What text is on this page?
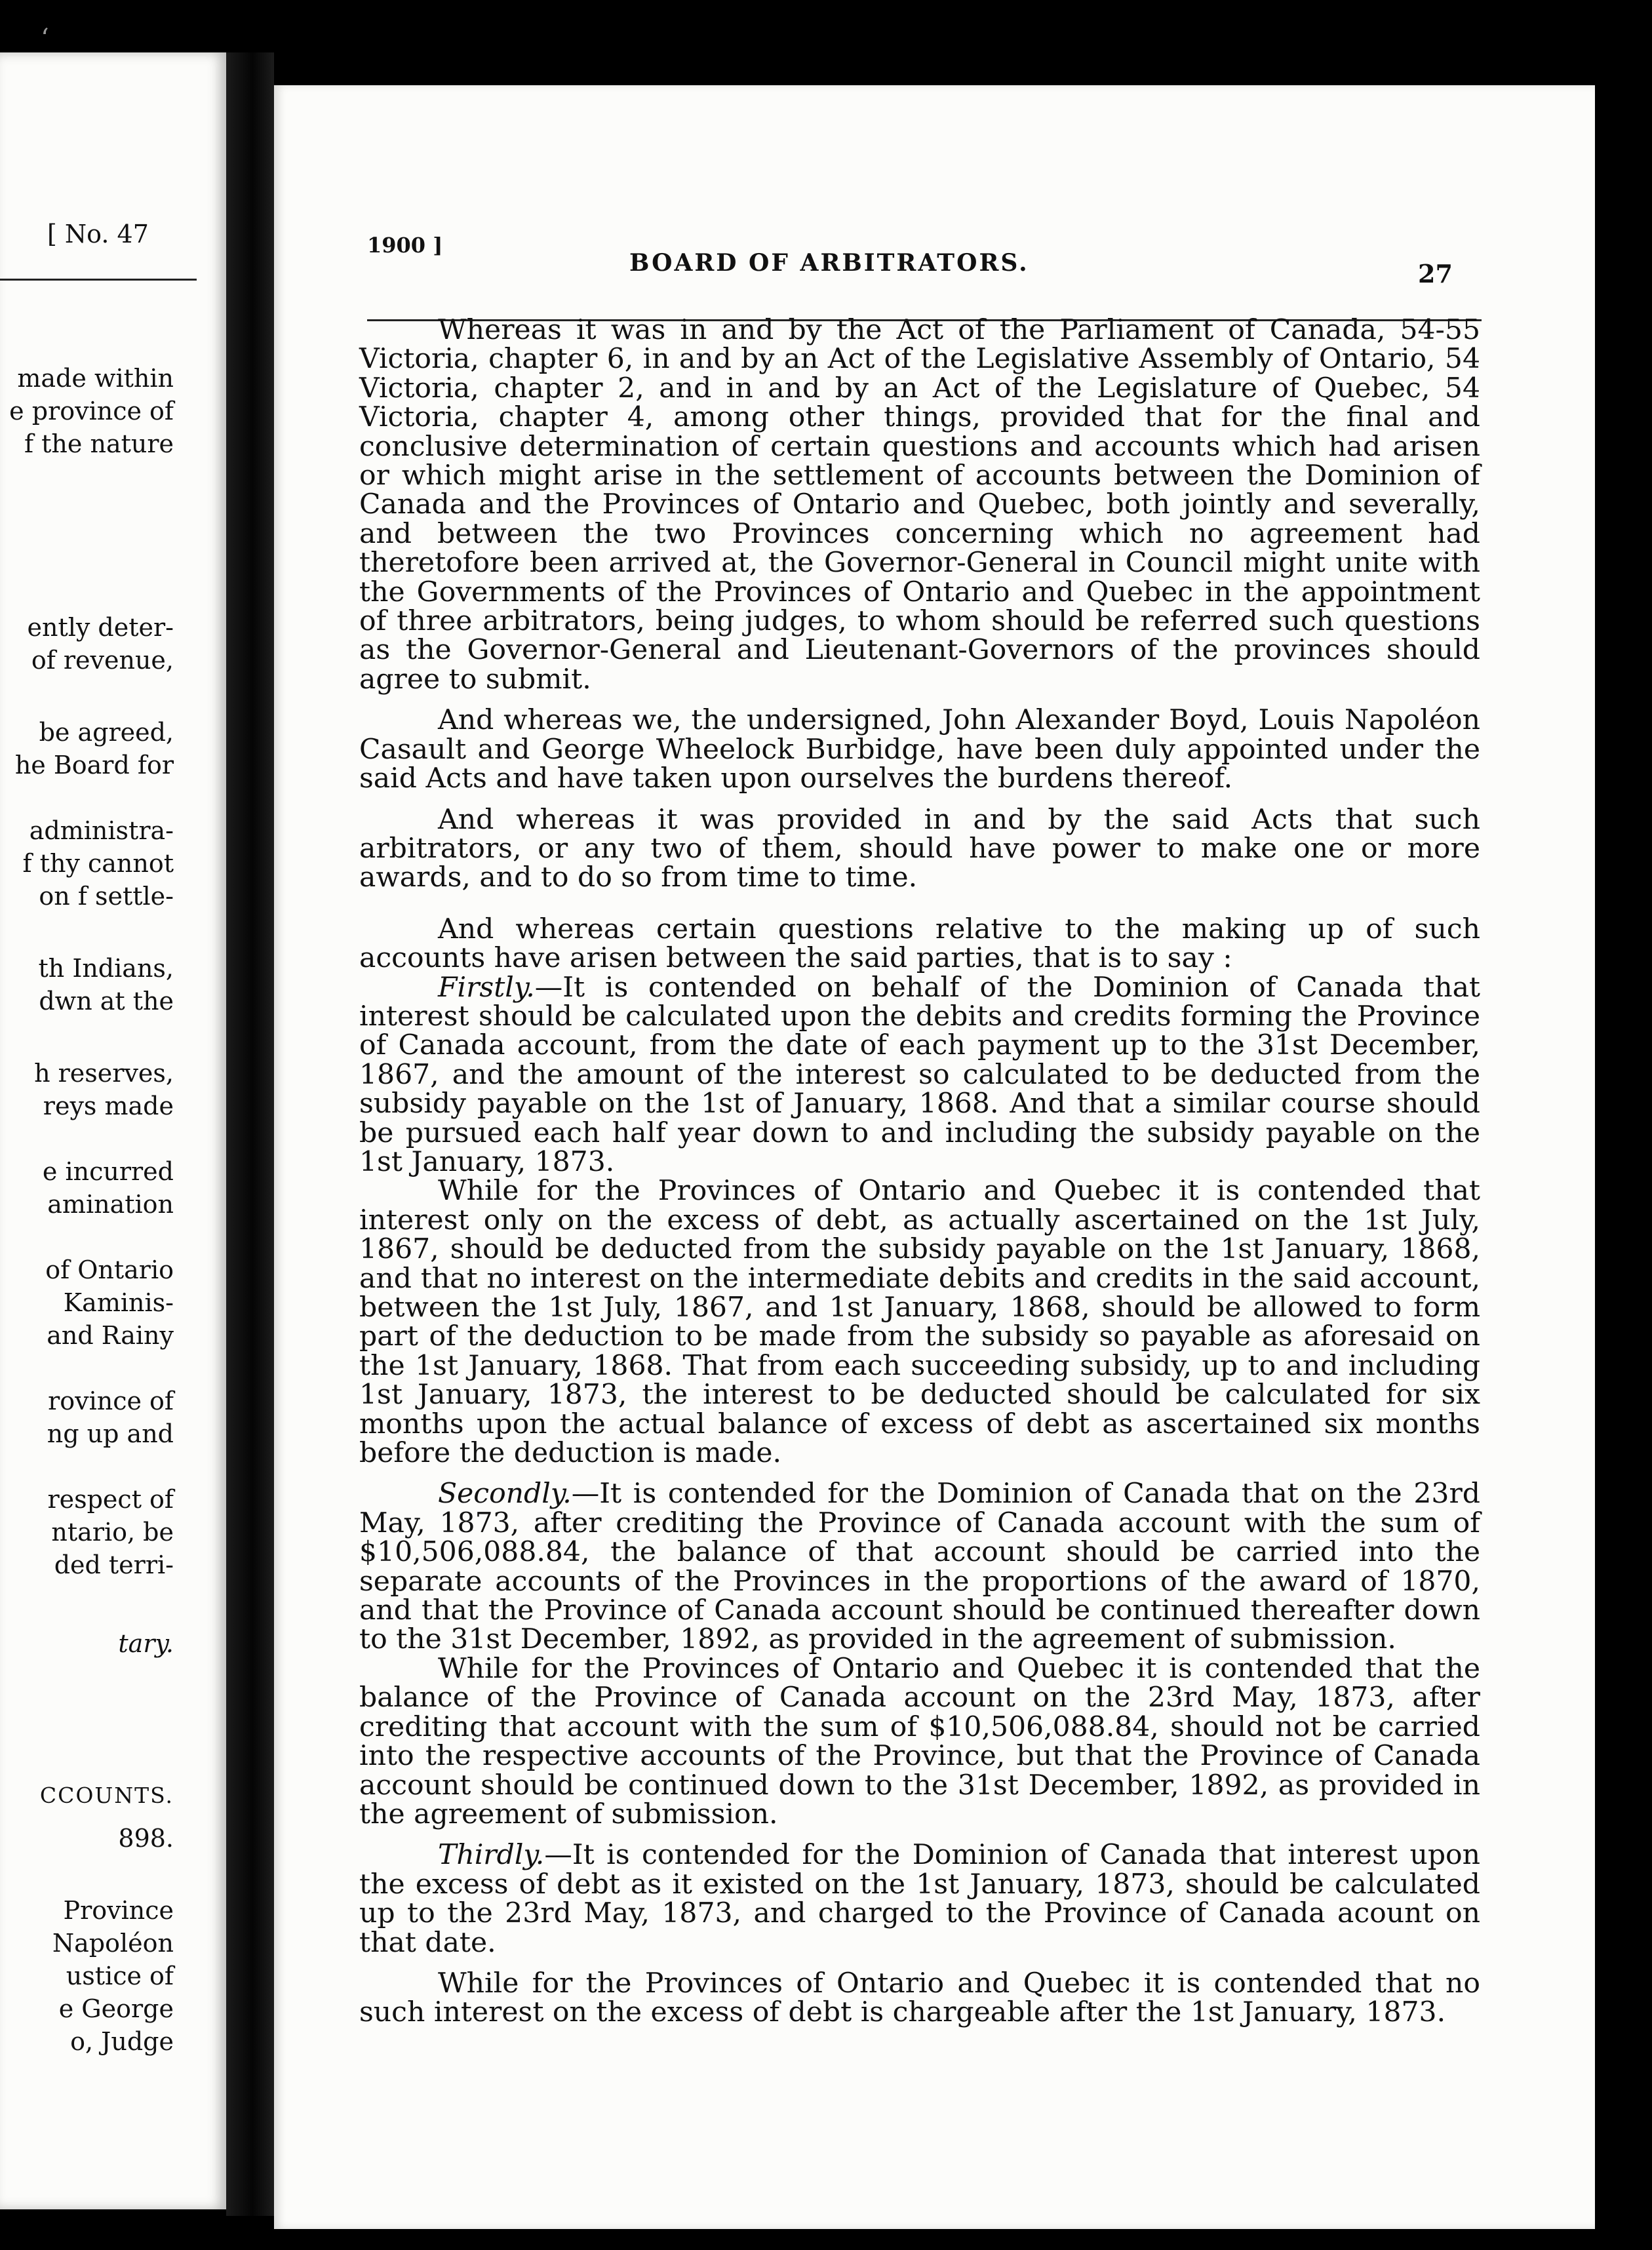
[ No. 47
made within
e province of
f the nature
ently deter-
of revenue,
be agreed,
he Board for
administra-
f thy cannot
on f settle-
th Indians,
dwn at the
h reserves,
reys made
e incurred
amination
of Ontario
Kaminis-
and Rainy
rovince of
ng up and
respect of
ntario, be
ded terri-
tary.
CCOUNTS.
898.
Province
Napoléon
ustice of
e George
o, Judge
‘
1900 ]
BOARD OF ARBITRATORS.	27

Whereas it was in and by the Act of the Parliament of Canada, 54-55 Victoria, chapter 6, in and by an Act of the Legislative Assembly of Ontario, 54 Victoria, chapter 2, and in and by an Act of the Legislature of Quebec, 54 Victoria, chapter 4, among other things, provided that for the final and conclusive determination of certain questions and accounts which had arisen or which might arise in the settlement of accounts between the Dominion of Canada and the Provinces of Ontario and Quebec, both jointly and severally, and between the two Provinces concerning which no agreement had theretofore been arrived at, the Governor-General in Council might unite with the Governments of the Provinces of Ontario and Quebec in the appointment of three arbitrators, being judges, to whom should be referred such questions as the Governor-General and Lieutenant-Governors of the provinces should agree to submit.

And whereas we, the undersigned, John Alexander Boyd, Louis Napoléon Casault and George Wheelock Burbidge, have been duly appointed under the said Acts and have taken upon ourselves the burdens thereof.

And whereas it was provided in and by the said Acts that such arbitrators, or any two of them, should have power to make one or more awards, and to do so from time to time.

And whereas certain questions relative to the making up of such accounts have arisen between the said parties, that is to say :

Firstly.—It is contended on behalf of the Dominion of Canada that interest should be calculated upon the debits and credits forming the Province of Canada account, from the date of each payment up to the 31st December, 1867, and the amount of the interest so calculated to be deducted from the subsidy payable on the 1st of January, 1868. And that a similar course should be pursued each half year down to and including the subsidy payable on the 1st January, 1873.

While for the Provinces of Ontario and Quebec it is contended that interest only on the excess of debt, as actually ascertained on the 1st July, 1867, should be deducted from the subsidy payable on the 1st January, 1868, and that no interest on the intermediate debits and credits in the said account, between the 1st July, 1867, and 1st January, 1868, should be allowed to form part of the deduction to be made from the subsidy so payable as aforesaid on the 1st January, 1868. That from each succeeding subsidy, up to and including 1st January, 1873, the interest to be deducted should be calculated for six months upon the actual balance of excess of debt as ascertained six months before the deduction is made.

Secondly.—It is contended for the Dominion of Canada that on the 23rd May, 1873, after crediting the Province of Canada account with the sum of $10,506,088.84, the balance of that account should be carried into the separate accounts of the Provinces in the proportions of the award of 1870, and that the Province of Canada account should be continued thereafter down to the 31st December, 1892, as provided in the agreement of submission.

While for the Provinces of Ontario and Quebec it is contended that the balance of the Province of Canada account on the 23rd May, 1873, after crediting that account with the sum of $10,506,088.84, should not be carried into the respective accounts of the Province, but that the Province of Canada account should be continued down to the 31st December, 1892, as provided in the agreement of submission.

Thirdly.—It is contended for the Dominion of Canada that interest upon the excess of debt as it existed on the 1st January, 1873, should be calculated up to the 23rd May, 1873, and charged to the Province of Canada acount on that date.

While for the Provinces of Ontario and Quebec it is contended that no such interest on the excess of debt is chargeable after the 1st January, 1873.
